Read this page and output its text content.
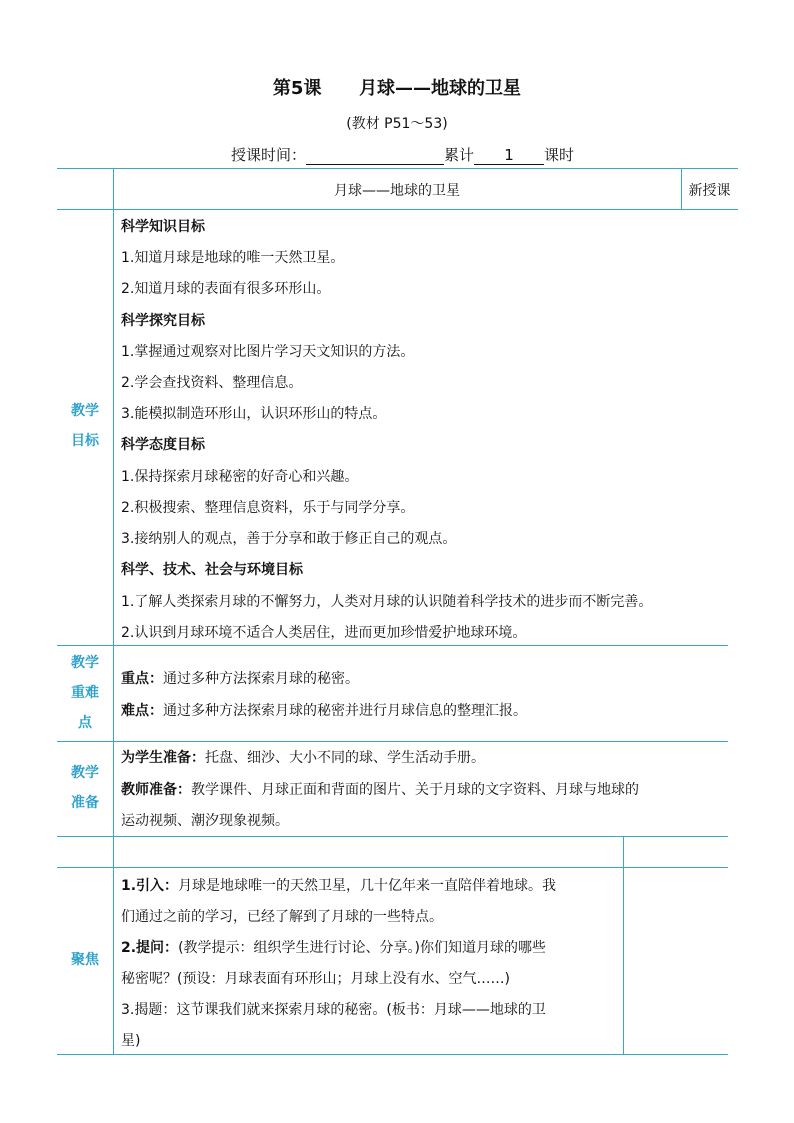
第5课 月球——地球的卫星
(教材 P51～53)
授课时间：	累计 1 课时
月球——地球的卫星	新授课
教学
目标
科学知识目标
1.知道月球是地球的唯一天然卫星。
2.知道月球的表面有很多环形山。
科学探究目标
1.掌握通过观察对比图片学习天文知识的方法。
2.学会查找资料、整理信息。
3.能模拟制造环形山，认识环形山的特点。
科学态度目标
1.保持探索月球秘密的好奇心和兴趣。
2.积极搜索、整理信息资料，乐于与同学分享。
3.接纳别人的观点，善于分享和敢于修正自己的观点。
科学、技术、社会与环境目标
1.了解人类探索月球的不懈努力，人类对月球的认识随着科学技术的进步而不断完善。
2.认识到月球环境不适合人类居住，进而更加珍惜爱护地球环境。
教学
重难
点
重点：通过多种方法探索月球的秘密。
难点：通过多种方法探索月球的秘密并进行月球信息的整理汇报。
教学
准备
为学生准备：托盘、细沙、大小不同的球、学生活动手册。
教师准备：教学课件、月球正面和背面的图片、关于月球的文字资料、月球与地球的
运动视频、潮汐现象视频。
聚焦
1.引入：月球是地球唯一的天然卫星，几十亿年来一直陪伴着地球。我
们通过之前的学习，已经了解到了月球的一些特点。
2.提问：(教学提示：组织学生进行讨论、分享。)你们知道月球的哪些
秘密呢？(预设：月球表面有环形山；月球上没有水、空气……)
3.揭题：这节课我们就来探索月球的秘密。(板书：月球——地球的卫
星)
